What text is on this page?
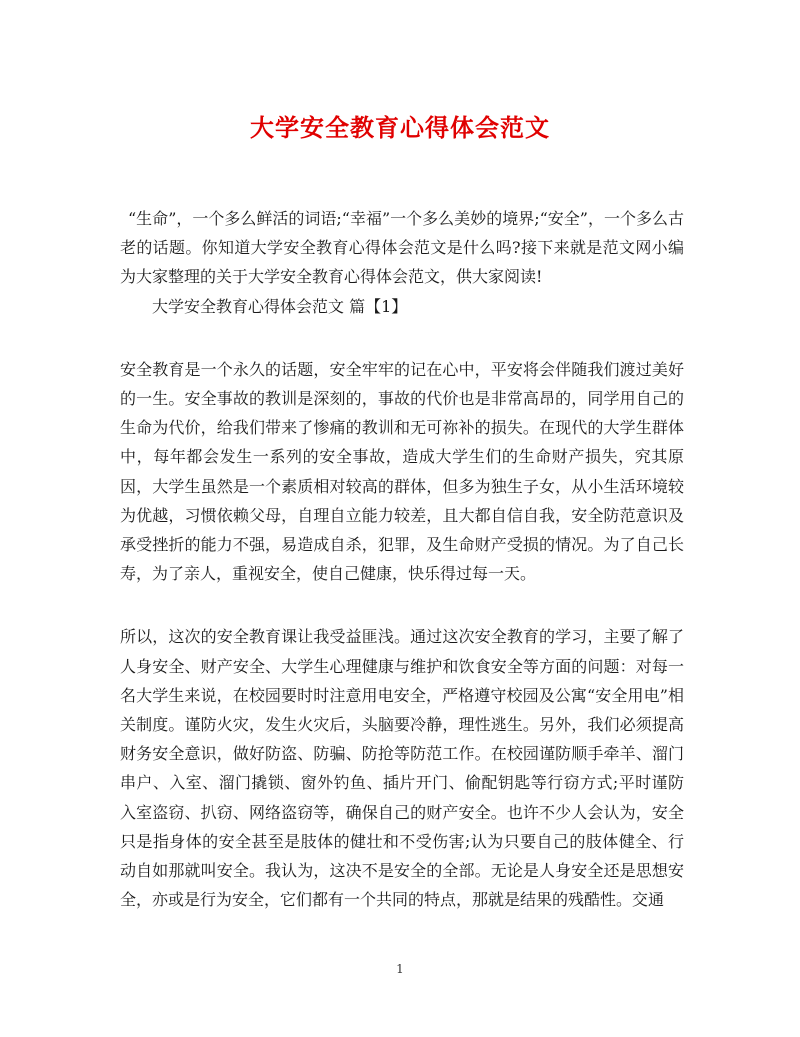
大学安全教育心得体会范文

“生命”，一个多么鲜活的词语;“幸福”一个多么美妙的境界;“安全”，一个多么古老的话题。你知道大学安全教育心得体会范文是什么吗?接下来就是范文网小编为大家整理的关于大学安全教育心得体会范文，供大家阅读!

大学安全教育心得体会范文 篇【1】

安全教育是一个永久的话题，安全牢牢的记在心中，平安将会伴随我们渡过美好的一生。安全事故的教训是深刻的，事故的代价也是非常高昂的，同学用自己的生命为代价，给我们带来了惨痛的教训和无可祢补的损失。在现代的大学生群体中，每年都会发生一系列的安全事故，造成大学生们的生命财产损失，究其原因，大学生虽然是一个素质相对较高的群体，但多为独生子女，从小生活环境较为优越，习惯依赖父母，自理自立能力较差，且大都自信自我，安全防范意识及承受挫折的能力不强，易造成自杀，犯罪，及生命财产受损的情况。为了自己长寿，为了亲人，重视安全，使自己健康，快乐得过每一天。

所以，这次的安全教育课让我受益匪浅。通过这次安全教育的学习，主要了解了人身安全、财产安全、大学生心理健康与维护和饮食安全等方面的问题：对每一名大学生来说，在校园要时时注意用电安全，严格遵守校园及公寓“安全用电”相关制度。谨防火灾，发生火灾后，头脑要冷静，理性逃生。另外，我们必须提高财务安全意识，做好防盗、防骗、防抢等防范工作。在校园谨防顺手牵羊、溜门串户、入室、溜门撬锁、窗外钓鱼、插片开门、偷配钥匙等行窃方式;平时谨防入室盗窃、扒窃、网络盗窃等，确保自己的财产安全。也许不少人会认为，安全只是指身体的安全甚至是肢体的健壮和不受伤害;认为只要自己的肢体健全、行动自如那就叫安全。我认为，这决不是安全的全部。无论是人身安全还是思想安全，亦或是行为安全，它们都有一个共同的特点，那就是结果的残酷性。交通

1
